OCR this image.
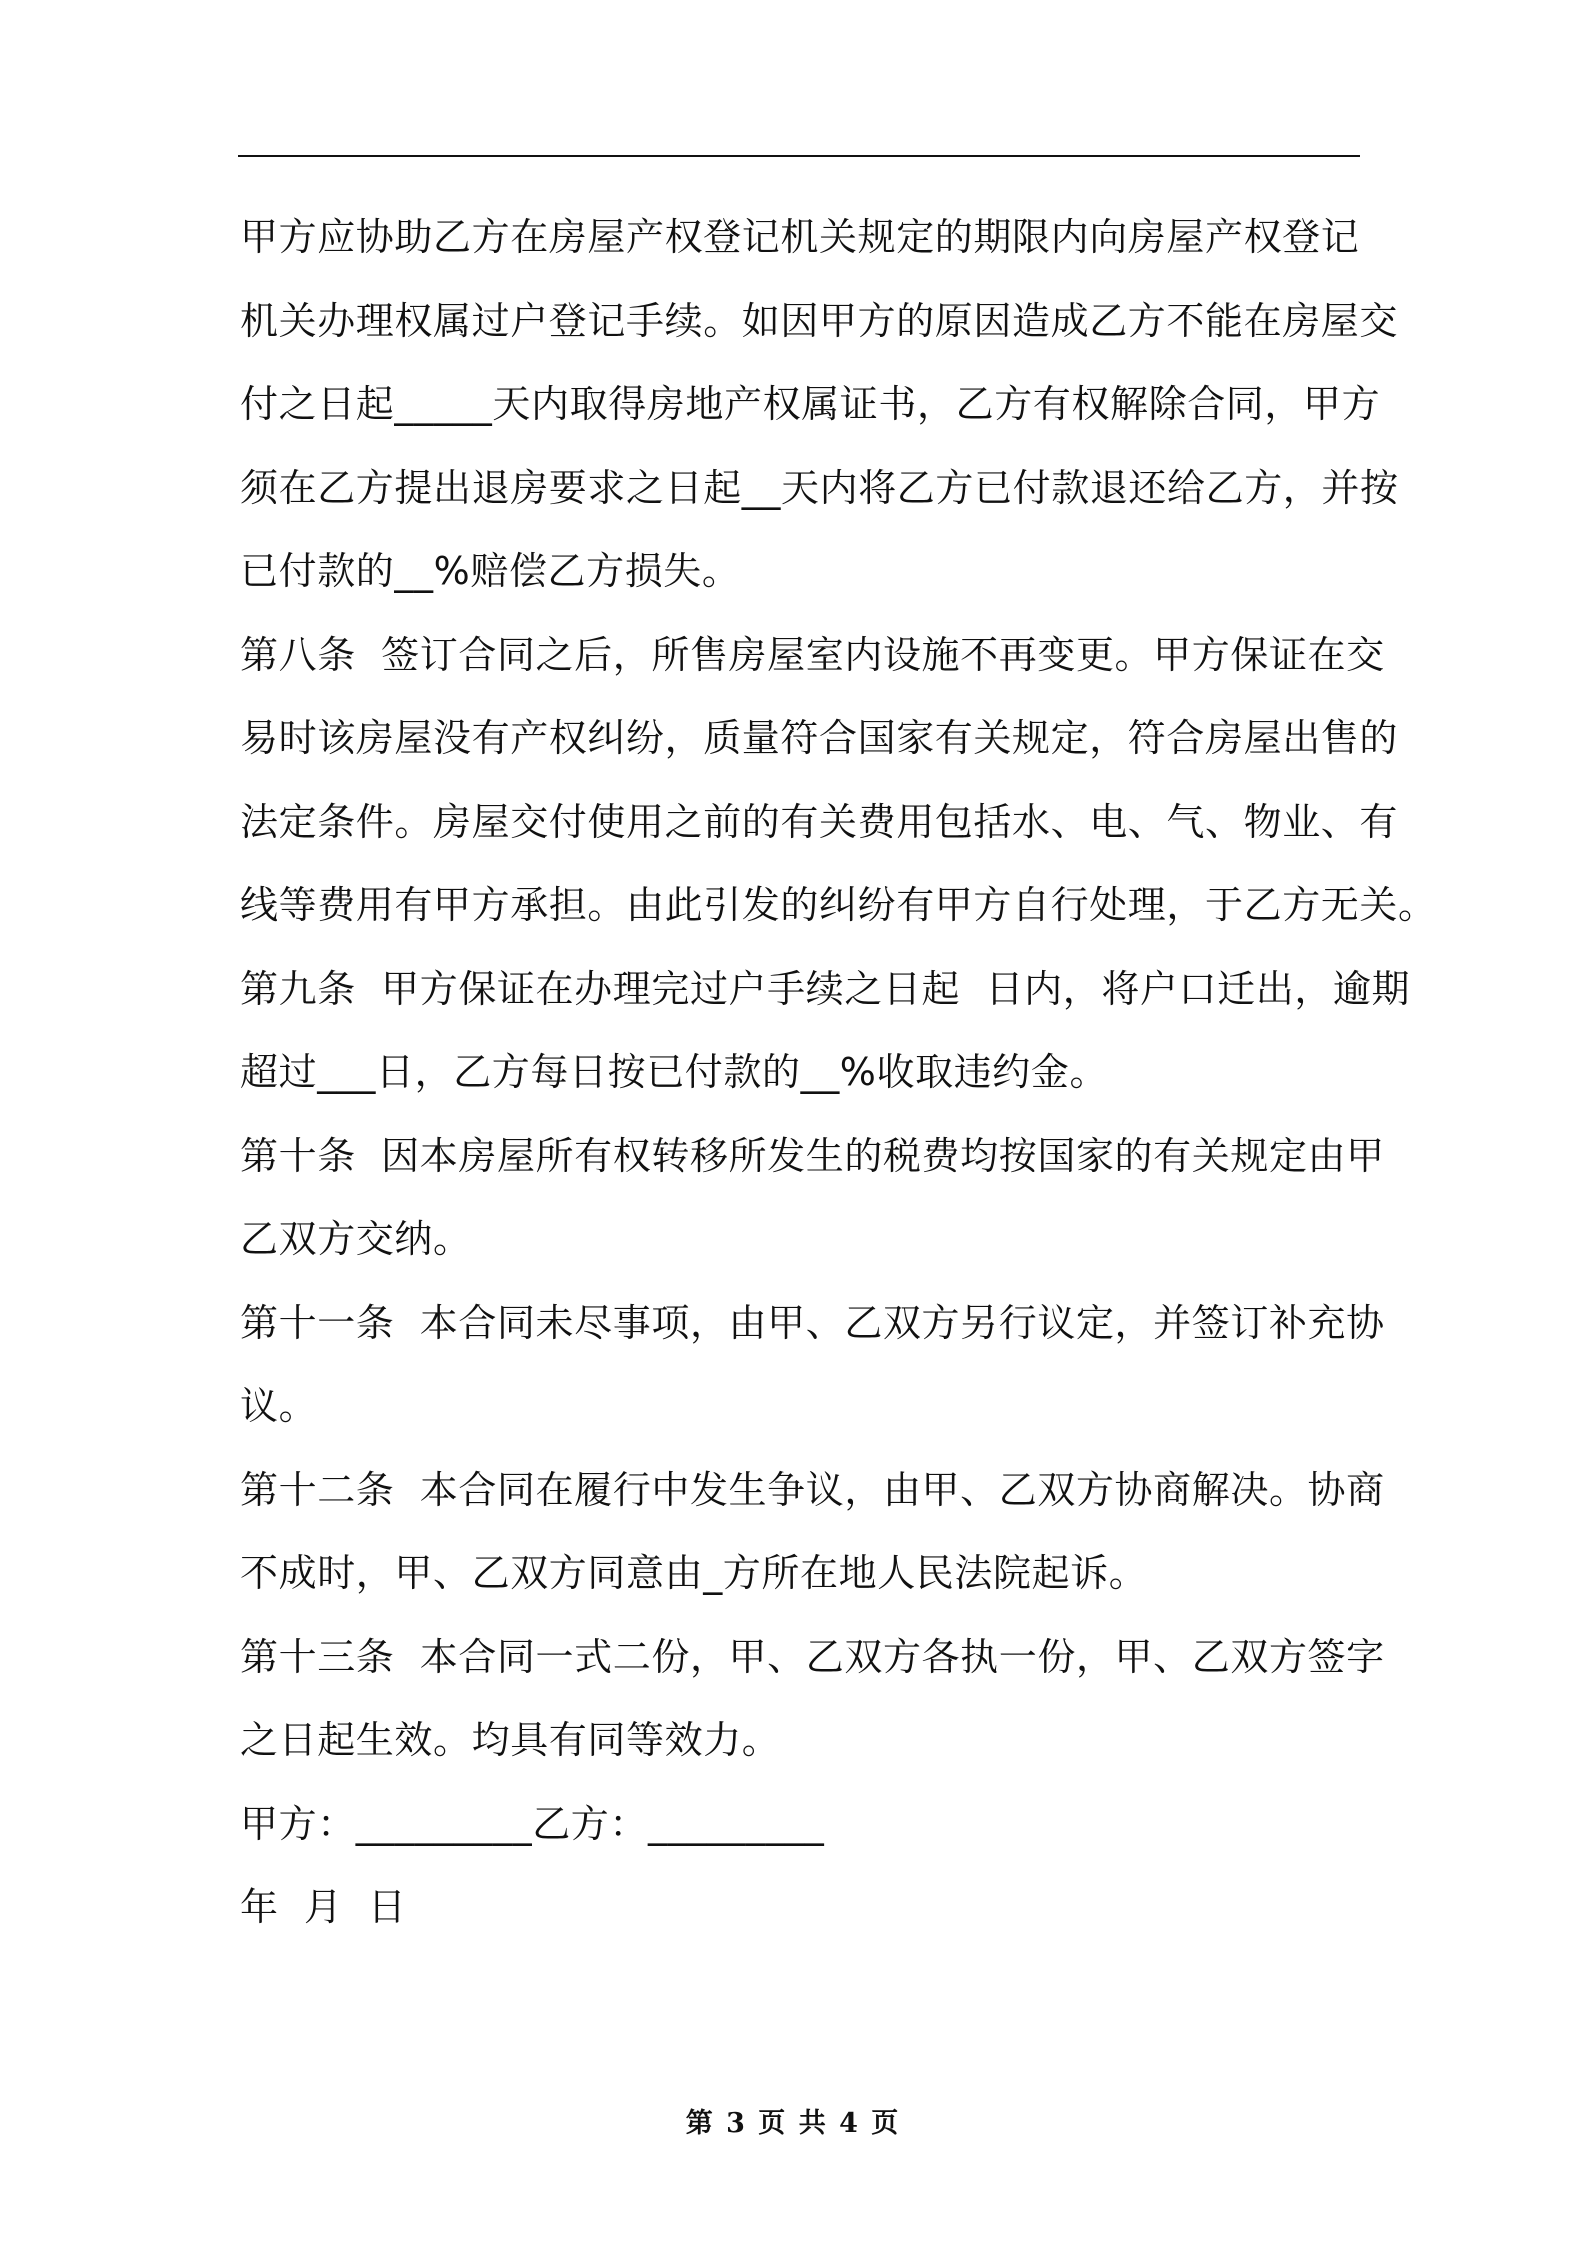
甲方应协助乙方在房屋产权登记机关规定的期限内向房屋产权登记

机关办理权属过户登记手续。如因甲方的原因造成乙方不能在房屋交

付之日起_____天内取得房地产权属证书，乙方有权解除合同，甲方

须在乙方提出退房要求之日起__天内将乙方已付款退还给乙方，并按

已付款的__%赔偿乙方损失。

第八条  签订合同之后，所售房屋室内设施不再变更。甲方保证在交

易时该房屋没有产权纠纷，质量符合国家有关规定，符合房屋出售的

法定条件。房屋交付使用之前的有关费用包括水、电、气、物业、有

线等费用有甲方承担。由此引发的纠纷有甲方自行处理，于乙方无关。

第九条  甲方保证在办理完过户手续之日起  日内，将户口迁出，逾期

超过___日，乙方每日按已付款的__%收取违约金。

第十条  因本房屋所有权转移所发生的税费均按国家的有关规定由甲

乙双方交纳。

第十一条  本合同未尽事项，由甲、乙双方另行议定，并签订补充协

议。

第十二条  本合同在履行中发生争议，由甲、乙双方协商解决。协商

不成时，甲、乙双方同意由_方所在地人民法院起诉。

第十三条  本合同一式二份，甲、乙双方各执一份，甲、乙双方签字

之日起生效。均具有同等效力。

甲方：_________乙方：_________

年  月  日

第 3 页 共 4 页
